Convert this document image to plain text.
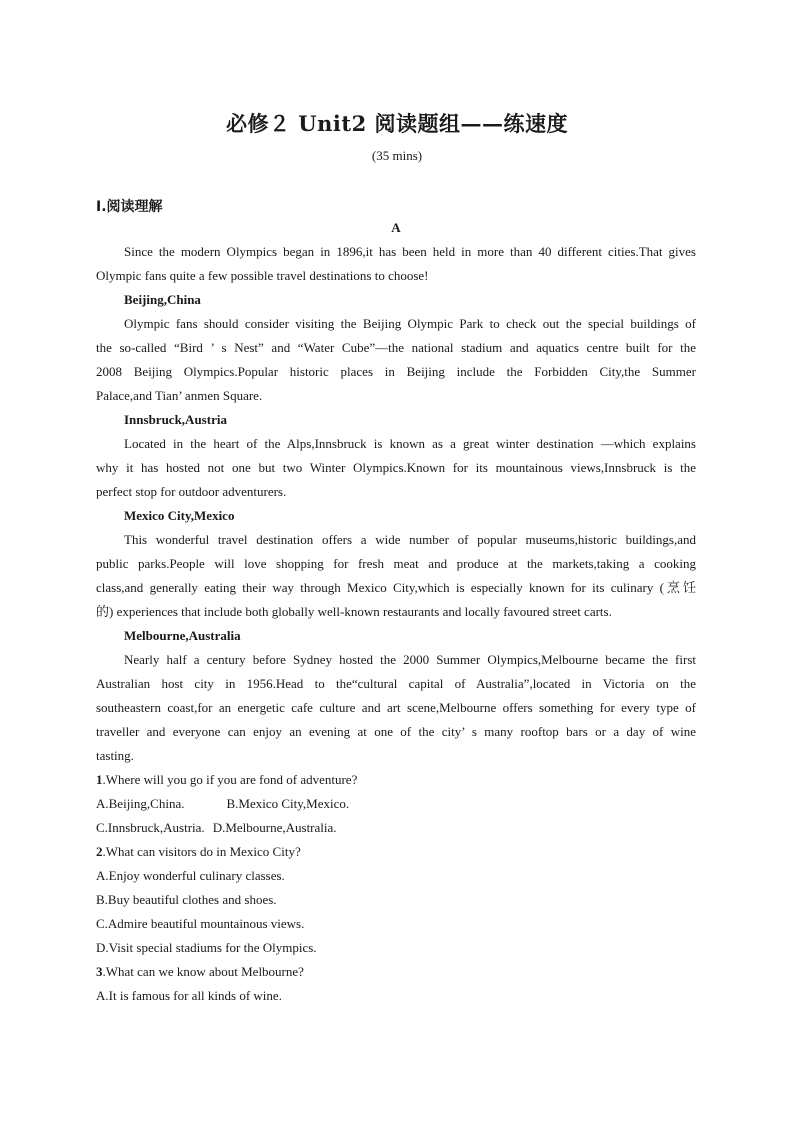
必修２ Unit2 阅读题组——练速度
(35 mins)
Ⅰ.阅读理解
A
Since the modern Olympics began in 1896,it has been held in more than 40 different cities.That gives
Olympic fans quite a few possible travel destinations to choose!
Beijing,China
Olympic fans should consider visiting the Beijing Olympic Park to check out the special buildings of
the so-called “Bird ’ s Nest” and “Water Cube”—the national stadium and aquatics centre built for the
2008 Beijing Olympics.Popular historic places in Beijing include the Forbidden City,the Summer
Palace,and Tian’ anmen Square.
Innsbruck,Austria
Located in the heart of the Alps,Innsbruck is known as a great winter destination —which explains
why it has hosted not one but two Winter Olympics.Known for its mountainous views,Innsbruck is the
perfect stop for outdoor adventurers.
Mexico City,Mexico
This wonderful travel destination offers a wide number of popular museums,historic buildings,and
public parks.People will love shopping for fresh meat and produce at the markets,taking a cooking
class,and generally eating their way through Mexico City,which is especially known for its culinary (烹饪
的) experiences that include both globally well-known restaurants and locally favoured street carts.
Melbourne,Australia
Nearly half a century before Sydney hosted the 2000 Summer Olympics,Melbourne became the first
Australian host city in 1956.Head to the“cultural capital of Australia”,located in Victoria on the
southeastern coast,for an energetic cafe culture and art scene,Melbourne offers something for every type of
traveller and everyone can enjoy an evening at one of the city’ s many rooftop bars or a day of wine
tasting.
1.Where will you go if you are fond of adventure?
A.Beijing,China.	B.Mexico City,Mexico.
C.Innsbruck,Austria. D.Melbourne,Australia.
2.What can visitors do in Mexico City?
A.Enjoy wonderful culinary classes.
B.Buy beautiful clothes and shoes.
C.Admire beautiful mountainous views.
D.Visit special stadiums for the Olympics.
3.What can we know about Melbourne?
A.It is famous for all kinds of wine.
